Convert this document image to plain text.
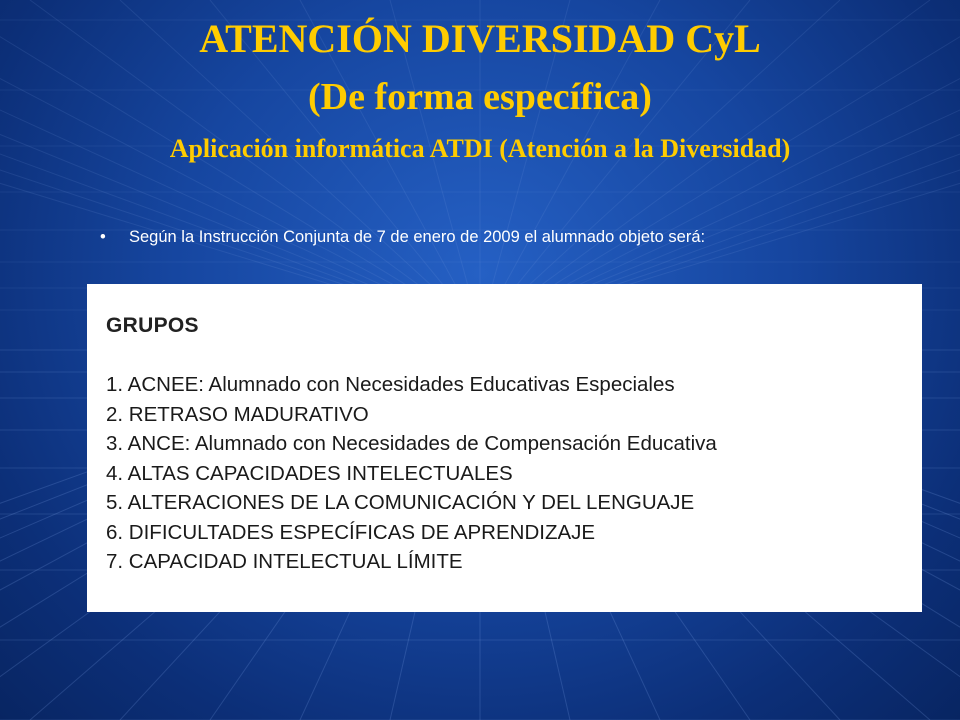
ATENCIÓN DIVERSIDAD CyL
(De forma específica)
Aplicación informática ATDI (Atención a la Diversidad)
• Según la Instrucción Conjunta de 7 de enero de 2009 el alumnado objeto será:
GRUPOS
1. ACNEE: Alumnado con Necesidades Educativas Especiales
2. RETRASO MADURATIVO
3. ANCE: Alumnado con Necesidades de Compensación Educativa
4. ALTAS CAPACIDADES INTELECTUALES
5. ALTERACIONES DE LA COMUNICACIÓN Y DEL LENGUAJE
6. DIFICULTADES ESPECÍFICAS DE APRENDIZAJE
7. CAPACIDAD INTELECTUAL LÍMITE
